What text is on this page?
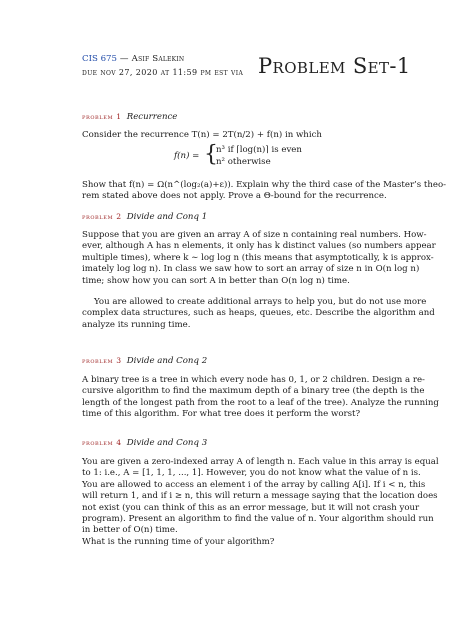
CIS 675 — Asif Salekin
due nov 27, 2020 at 11:59 pm est via Problem Set-1
problem 1 Recurrence
Consider the recurrence T(n) = 2T(n/2) + f(n) in which
f(n) = {
n³ if ⌈log(n)⌉ is even
n² otherwise
Show that f(n) = Ω(n^(log₂(a)+ε)). Explain why the third case of the Master’s theo-
rem stated above does not apply. Prove a Θ-bound for the recurrence.
problem 2 Divide and Conq 1
Suppose that you are given an array A of size n containing real numbers. How-
ever, although A has n elements, it only has k distinct values (so numbers appear
multiple times), where k ∼ log log n (this means that asymptotically, k is approx-
imately log log n). In class we saw how to sort an array of size n in O(n log n)
time; show how you can sort A in better than O(n log n) time.
You are allowed to create additional arrays to help you, but do not use more
complex data structures, such as heaps, queues, etc. Describe the algorithm and
analyze its running time.
problem 3 Divide and Conq 2
A binary tree is a tree in which every node has 0, 1, or 2 children. Design a re-
cursive algorithm to find the maximum depth of a binary tree (the depth is the
length of the longest path from the root to a leaf of the tree). Analyze the running
time of this algorithm. For what tree does it perform the worst?
problem 4 Divide and Conq 3
You are given a zero-indexed array A of length n. Each value in this array is equal
to 1: i.e., A = [1, 1, 1, ..., 1]. However, you do not know what the value of n is.
You are allowed to access an element i of the array by calling A[i]. If i < n, this
will return 1, and if i ≥ n, this will return a message saying that the location does
not exist (you can think of this as an error message, but it will not crash your
program). Present an algorithm to find the value of n. Your algorithm should run
in better of O(n) time.
What is the running time of your algorithm?
